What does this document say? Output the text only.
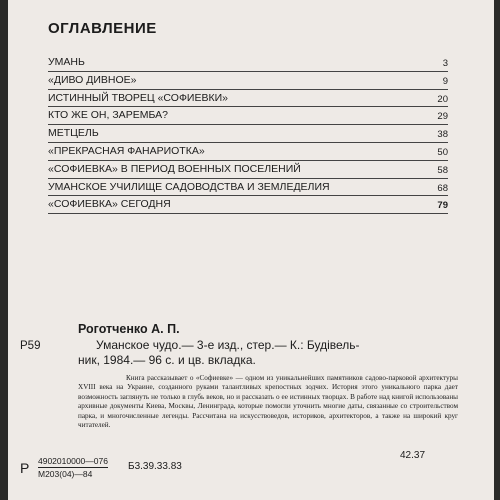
ОГЛАВЛЕНИЕ
УМАНЬ	3
«ДИВО ДИВНОЕ»	9
ИСТИННЫЙ ТВОРЕЦ «СОФИЕВКИ»	20
КТО ЖЕ ОН, ЗАРЕМБА?	29
МЕТЦЕЛЬ	38
«ПРЕКРАСНАЯ ФАНАРИОТКА»	50
«СОФИЕВКА» В ПЕРИОД ВОЕННЫХ ПОСЕЛЕНИЙ	58
УМАНСКОЕ УЧИЛИЩЕ САДОВОДСТВА И ЗЕМЛЕДЕЛИЯ	68
«СОФИЕВКА» СЕГОДНЯ	79
Роготченко А. П.
Р59	Уманское чудо.— 3-е изд., стер.— К.: Будівель-
ник, 1984.— 96 с. и цв. вкладка.
Книга рассказывает о «Софиевке» — одном из уникальнейших памятников садово-парковой архитектуры XVIII века на Украине, созданного руками талантливых крепостных зодчих. История этого уникального парка дает возможность заглянуть не только в глубь веков, но и рассказать о ее истинных творцах. В работе над книгой использованы архивные документы Киева, Москвы, Ленинграда, которые помогли уточнить многие даты, связанные со строительством парка, и многочисленные легенды. Рассчитана на искусствоведов, историков, архитекторов, а также на широкий круг читателей.
42.37
Р 4902010000—076
М203(04)—84
Б3.39.33.83
